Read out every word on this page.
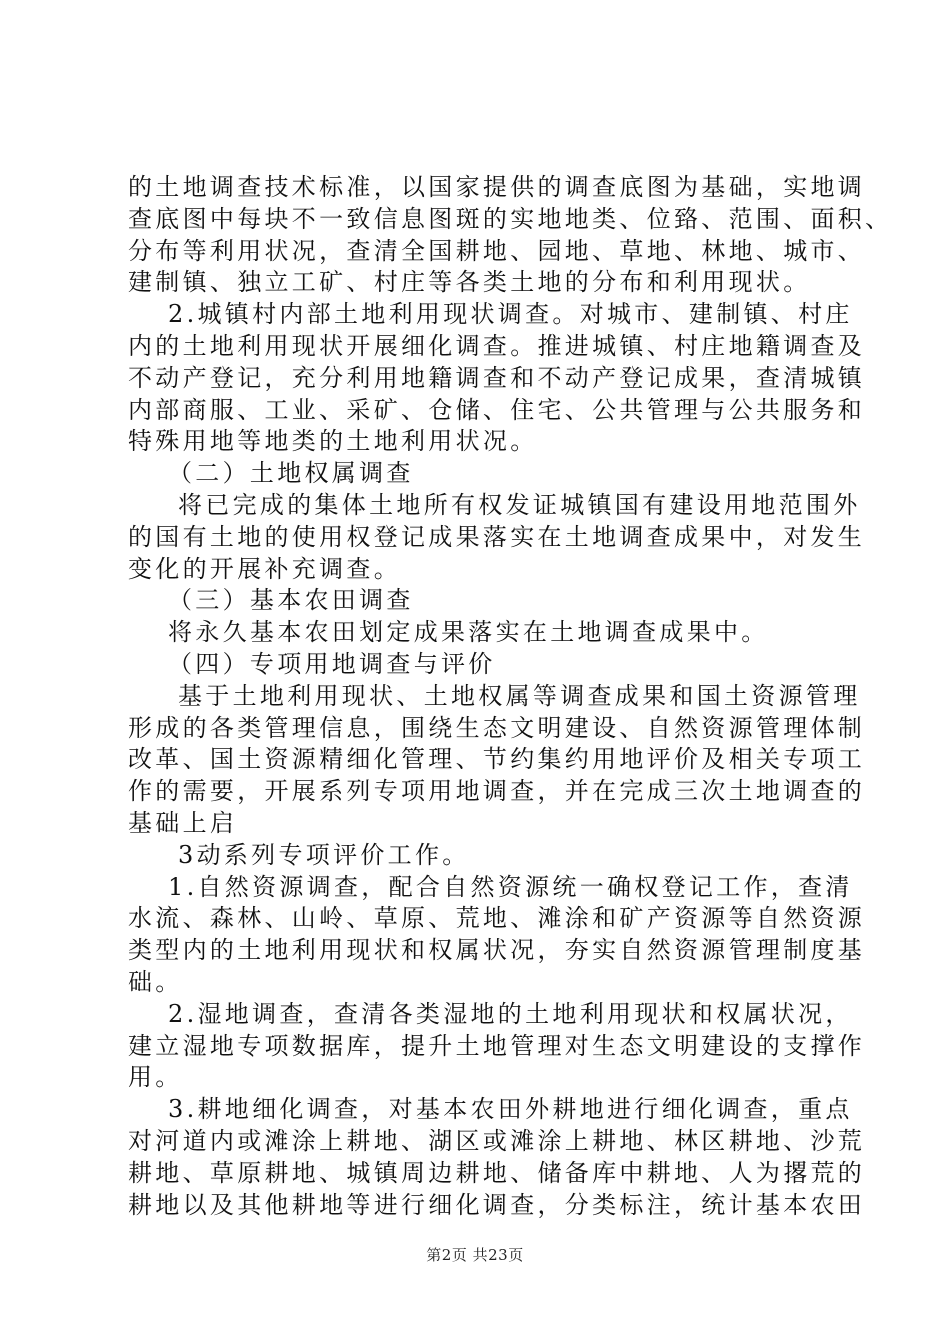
的土地调查技术标准，以国家提供的调查底图为基础，实地调
查底图中每块不一致信息图斑的实地地类、位臵、范围、面积、
分布等利用状况，查清全国耕地、园地、草地、林地、城市、
建制镇、独立工矿、村庄等各类土地的分布和利用现状。
2.城镇村内部土地利用现状调查。对城市、建制镇、村庄
内的土地利用现状开展细化调查。推进城镇、村庄地籍调查及
不动产登记，充分利用地籍调查和不动产登记成果，查清城镇
内部商服、工业、采矿、仓储、住宅、公共管理与公共服务和
特殊用地等地类的土地利用状况。
（二）土地权属调查
将已完成的集体土地所有权发证城镇国有建设用地范围外
的国有土地的使用权登记成果落实在土地调查成果中，对发生
变化的开展补充调查。
（三）基本农田调查
将永久基本农田划定成果落实在土地调查成果中。
（四）专项用地调查与评价
基于土地利用现状、土地权属等调查成果和国土资源管理
形成的各类管理信息，围绕生态文明建设、自然资源管理体制
改革、国土资源精细化管理、节约集约用地评价及相关专项工
作的需要，开展系列专项用地调查，并在完成三次土地调查的
基础上启
3动系列专项评价工作。
1.自然资源调查，配合自然资源统一确权登记工作，查清
水流、森林、山岭、草原、荒地、滩涂和矿产资源等自然资源
类型内的土地利用现状和权属状况，夯实自然资源管理制度基
础。
2.湿地调查，查清各类湿地的土地利用现状和权属状况，
建立湿地专项数据库，提升土地管理对生态文明建设的支撑作
用。
3.耕地细化调查，对基本农田外耕地进行细化调查，重点
对河道内或滩涂上耕地、湖区或滩涂上耕地、林区耕地、沙荒
耕地、草原耕地、城镇周边耕地、储备库中耕地、人为撂荒的
耕地以及其他耕地等进行细化调查，分类标注，统计基本农田
第2页 共23页
